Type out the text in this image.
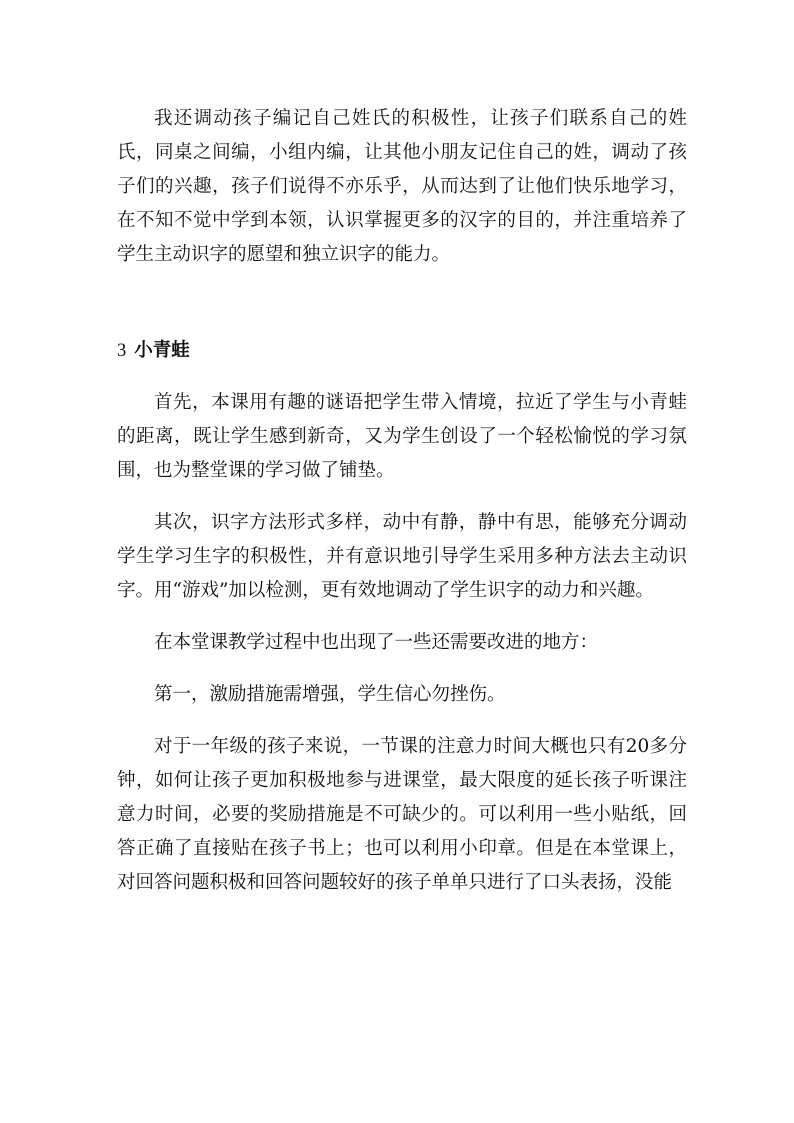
我还调动孩子编记自己姓氏的积极性，让孩子们联系自己的姓氏，同桌之间编，小组内编，让其他小朋友记住自己的姓，调动了孩子们的兴趣，孩子们说得不亦乐乎，从而达到了让他们快乐地学习，在不知不觉中学到本领，认识掌握更多的汉字的目的，并注重培养了学生主动识字的愿望和独立识字的能力。

3 小青蛙

首先，本课用有趣的谜语把学生带入情境，拉近了学生与小青蛙的距离，既让学生感到新奇，又为学生创设了一个轻松愉悦的学习氛围，也为整堂课的学习做了铺垫。

其次，识字方法形式多样，动中有静，静中有思，能够充分调动学生学习生字的积极性，并有意识地引导学生采用多种方法去主动识字。用“游戏”加以检测，更有效地调动了学生识字的动力和兴趣。

在本堂课教学过程中也出现了一些还需要改进的地方：

第一，激励措施需增强，学生信心勿挫伤。

对于一年级的孩子来说，一节课的注意力时间大概也只有20多分钟，如何让孩子更加积极地参与进课堂，最大限度的延长孩子听课注意力时间，必要的奖励措施是不可缺少的。可以利用一些小贴纸，回答正确了直接贴在孩子书上；也可以利用小印章。但是在本堂课上，对回答问题积极和回答问题较好的孩子单单只进行了口头表扬，没能
